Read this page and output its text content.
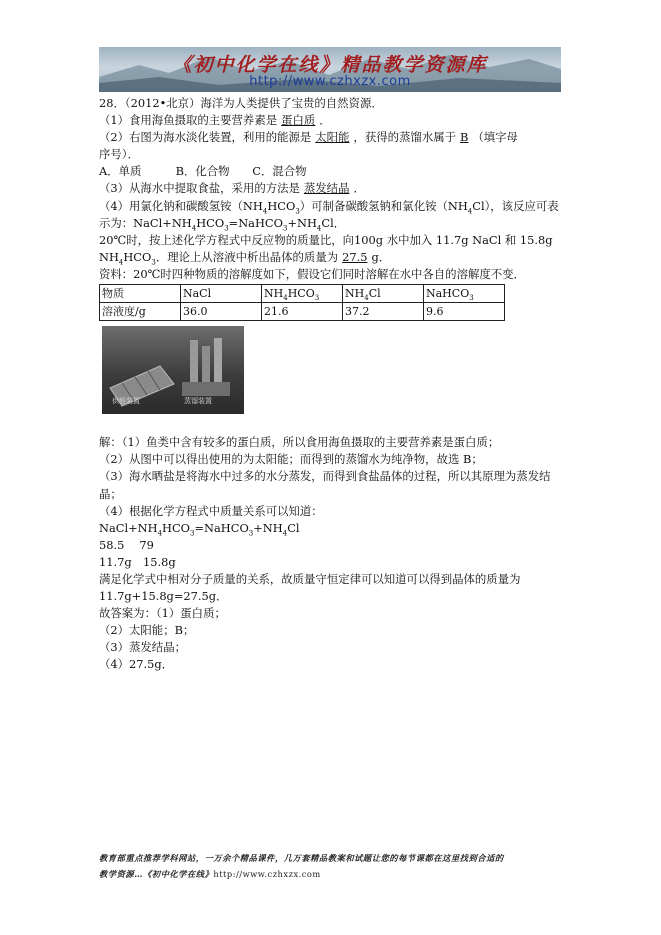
《初中化学在线》精品教学资源库
http://www.czhxzx.com

28．（2012•北京）海洋为人类提供了宝贵的自然资源．

（1）食用海鱼摄取的主要营养素是 蛋白质 ．

（2）右图为海水淡化装置，利用的能源是 太阳能 ，获得的蒸馏水属于 B （填字母

序号）．

A．单质　　　B．化合物　　C．混合物

（3）从海水中提取食盐，采用的方法是 蒸发结晶 ．

（4）用氯化钠和碳酸氢铵$(NH_4HCO_3)$可制备碳酸氢钠和氯化铵$(NH_4Cl)$，该反应可表

示为：$NaCl+NH_4HCO_3=NaHCO_3+NH_4Cl$．

20℃时，按上述化学方程式中反应物的质量比，向100g 水中加入 11.7g NaCl 和 15.8g

$NH_4HCO_3$．理论上从溶液中析出晶体的质量为 27.5 g．

资料：20℃时四种物质的溶解度如下，假设它们同时溶解在水中各自的溶解度不变．

物质	NaCl	$NH_4HCO_3$	$NH_4Cl$	NaHCO$_3$
溶液度/g	36.0	21.6	37.2	9.6
供能装置	蒸馏装置

解：（1）鱼类中含有较多的蛋白质，所以食用海鱼摄取的主要营养素是蛋白质；

（2）从图中可以得出使用的为太阳能；而得到的蒸馏水为纯净物，故选 B；

（3）海水晒盐是将海水中过多的水分蒸发，而得到食盐晶体的过程，所以其原理为蒸发结晶；

（4）根据化学方程式中质量关系可以知道：

$NaCl+NH_4HCO_3=NaHCO_3+NH_4Cl$

58.5　 79

11.7g　15.8g

满足化学式中相对分子质量的关系，故质量守恒定律可以知道可以得到晶体的质量为

11.7g+15.8g=27.5g．

故答案为：（1）蛋白质；

（2）太阳能；B；

（3）蒸发结晶；

（4）27.5g．

教育部重点推荐学科网站，一万余个精品课件，几万套精品教案和试题让您的每节课都在这里找到合适的
教学资源…《初中化学在线》http://www.czhxzx.com
